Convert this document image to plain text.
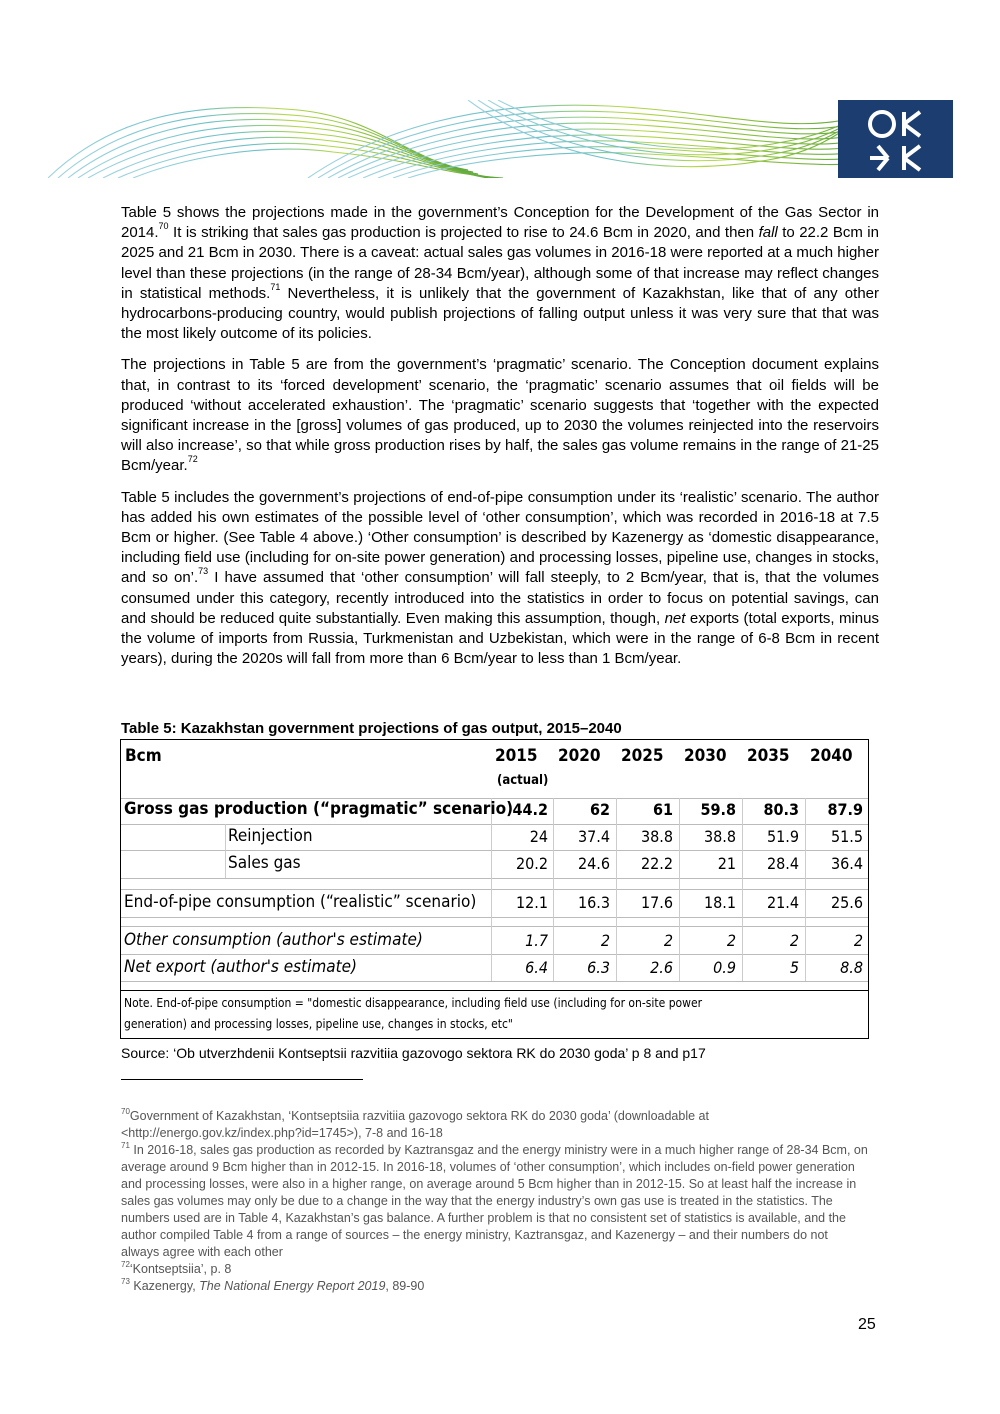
Table 5 shows the projections made in the government’s Conception for the Development of the Gas Sector in 2014.70 It is striking that sales gas production is projected to rise to 24.6 Bcm in 2020, and then fall to 22.2 Bcm in 2025 and 21 Bcm in 2030. There is a caveat: actual sales gas volumes in 2016-18 were reported at a much higher level than these projections (in the range of 28-34 Bcm/year), although some of that increase may reflect changes in statistical methods.$^{71}$ Nevertheless, it is unlikely that the government of Kazakhstan, like that of any other hydrocarbons-producing country, would publish projections of falling output unless it was very sure that that was the most likely outcome of its policies.

The projections in Table 5 are from the government’s ‘pragmatic’ scenario. The Conception document explains that, in contrast to its ‘forced development’ scenario, the ‘pragmatic’ scenario assumes that oil fields will be produced ‘without accelerated exhaustion’. The ‘pragmatic’ scenario suggests that ‘together with the expected significant increase in the [gross] volumes of gas produced, up to 2030 the volumes reinjected into the reservoirs will also increase’, so that while gross production rises by half, the sales gas volume remains in the range of 21-25 Bcm/year.$^{72}$

Table 5 includes the government’s projections of end-of-pipe consumption under its ‘realistic’ scenario. The author has added his own estimates of the possible level of ‘other consumption’, which was recorded in 2016-18 at 7.5 Bcm or higher. (See Table 4 above.) ‘Other consumption’ is described by Kazenergy as ‘domestic disappearance, including field use (including for on-site power generation) and processing losses, pipeline use, changes in stocks, and so on’.$^{73}$ I have assumed that ‘other consumption’ will fall steeply, to 2 Bcm/year, that is, that the volumes consumed under this category, recently introduced into the statistics in order to focus on potential savings, can and should be reduced quite substantially. Even making this assumption, though, net exports (total exports, minus the volume of imports from Russia, Turkmenistan and Uzbekistan, which were in the range of 6-8 Bcm in recent years), during the 2020s will fall from more than 6 Bcm/year to less than 1 Bcm/year.

Table 5: Kazakhstan government projections of gas output, 2015–2040
Bcm	2015 2020 2025 2030 2035 2040
(actual)
Gross gas production (“pragmatic” scenario) 44.2	62	61	59.8	80.3	87.9
Reinjection	24	37.4	38.8	38.8	51.9	51.5
Sales gas	20.2	24.6	22.2	21	28.4	36.4
End-of-pipe consumption (“realistic” scenario)	12.1	16.3	17.6	18.1	21.4	25.6
Other consumption (author's estimate)	1.7	2	2	2	2	2
Net export (author's estimate)	6.4	6.3	2.6	0.9	5	8.8
Note. End-of-pipe consumption = "domestic disappearance, including field use (including for on-site power
generation) and processing losses, pipeline use, changes in stocks, etc"
Source: ‘Ob utverzhdenii Kontseptsii razvitiia gazovogo sektora RK do 2030 goda’ p 8 and p17

$^{70}$Government of Kazakhstan, ‘Kontseptsiia razvitiia gazovogo sektora RK do 2030 goda’ (downloadable at <http://energo.gov.kz/index.php?id=1745>), 7-8 and 16-18

$^{71}$ In 2016-18, sales gas production as recorded by Kaztransgaz and the energy ministry were in a much higher range of 28-34 Bcm, on average around 9 Bcm higher than in 2012-15. In 2016-18, volumes of ‘other consumption’, which includes on-field power generation and processing losses, were also in a higher range, on average around 5 Bcm higher than in 2012-15. So at least half the increase in sales gas volumes may only be due to a change in the way that the energy industry’s own gas use is treated in the statistics. The numbers used are in Table 4, Kazakhstan’s gas balance. A further problem is that no consistent set of statistics is available, and the author compiled Table 4 from a range of sources – the energy ministry, Kaztransgaz, and Kazenergy – and their numbers do not always agree with each other

$^{72}$‘Kontseptsiia’, p. 8

$^{73}$ Kazenergy, The National Energy Report 2019, 89-90

25
